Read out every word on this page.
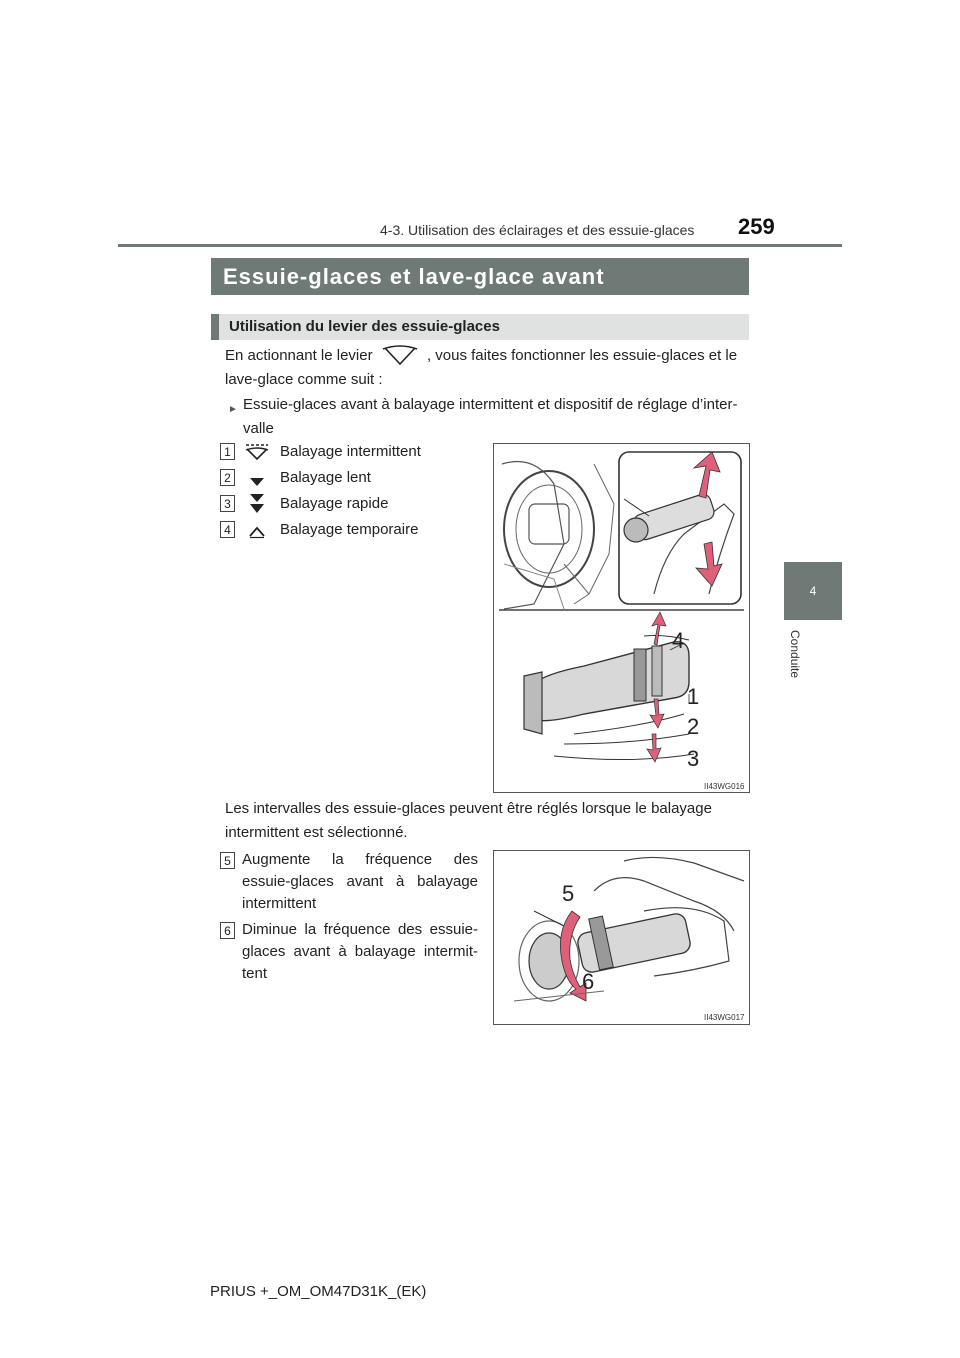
4-3. Utilisation des éclairages et des essuie-glaces 259
4
Conduite
Essuie-glaces et lave-glace avant
Utilisation du levier des essuie-glaces
En actionnant le levier	, vous faites fonctionner les essuie-glaces et le
lave-glace comme suit :
► Essuie-glaces avant à balayage intermittent et dispositif de réglage d’inter-
valle
1	Balayage intermittent
2	Balayage lent
3	Balayage rapide
4	Balayage temporaire
4
1
2
3
II43WG016
Les intervalles des essuie-glaces peuvent être réglés lorsque le balayage
intermittent est sélectionné.
5 Augmente la fréquence des
essuie-glaces avant à balayage
intermittent
6 Diminue la fréquence des essuie-
glaces avant à balayage intermit-
tent
5
6
II43WG017
PRIUS +_OM_OM47D31K_(EK)
